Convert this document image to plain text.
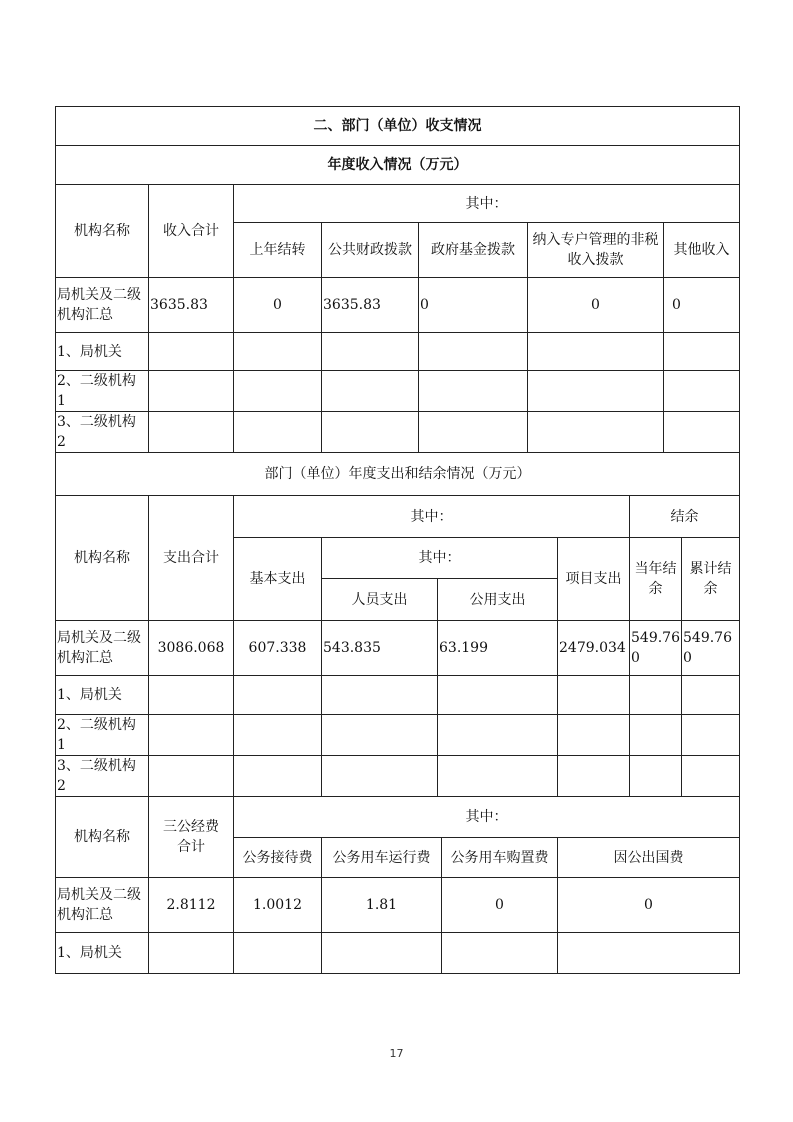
二、部门（单位）收支情况						
年度收入情况（万元）						
机构名称	收入合计	其中：				
		上年结转	公共财政拨款	政府基金拨款	纳入专户管理的非税收入拨款	其他收入
局机关及二级机构汇总	3635.83	0	3635.83	0	0	0
1、局机关						
2、二级机构 1						
3、二级机构 2						
部门（单位）年度支出和结余情况（万元）							
机构名称	支出合计	其中：				结余	
		基本支出	其中：		项目支出	当年结余	累计结余
			人员支出	公用支出			
局机关及二级机构汇总	3086.068	607.338	543.835	63.199	2479.034	549.760	549.760
1、局机关							
2、二级机构 1							
3、二级机构 2							
机构名称	三公经费合计	其中：			
		公务接待费	公务用车运行费	公务用车购置费	因公出国费
局机关及二级机构汇总	2.8112	1.0012	1.81	0	0
1、局机关					
17
